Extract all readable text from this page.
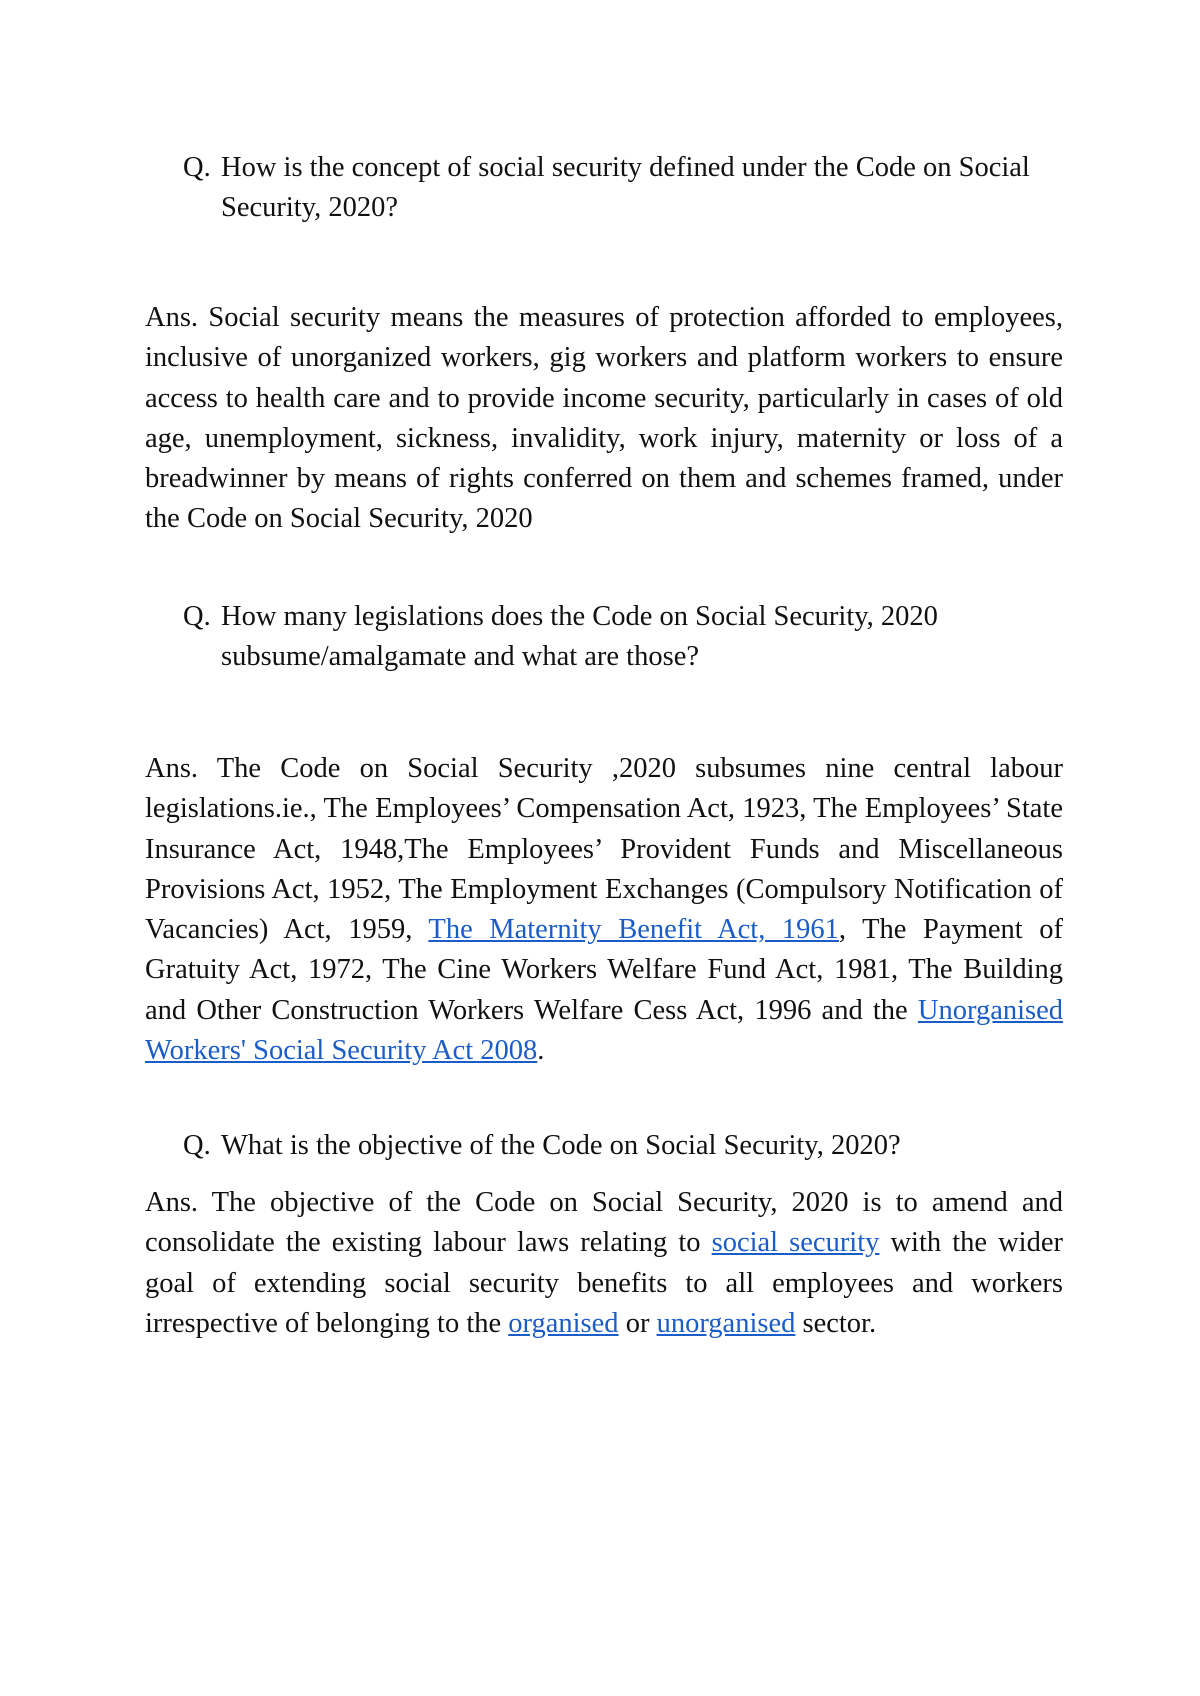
Q. How is the concept of social security defined under the Code on Social Security, 2020?

Ans. Social security means the measures of protection afforded to employees, inclusive of unorganized workers, gig workers and platform workers to ensure access to health care and to provide income security, particularly in cases of old age, unemployment, sickness, invalidity, work injury, maternity or loss of a breadwinner by means of rights conferred on them and schemes framed, under the Code on Social Security, 2020

Q. How many legislations does the Code on Social Security, 2020 subsume/amalgamate and what are those?

Ans. The Code on Social Security ,2020 subsumes nine central labour legislations.ie., The Employees’ Compensation Act, 1923, The Employees’ State Insurance Act, 1948,The Employees’ Provident Funds and Miscellaneous Provisions Act, 1952, The Employment Exchanges (Compulsory Notification of Vacancies) Act, 1959, The Maternity Benefit Act, 1961, The Payment of Gratuity Act, 1972, The Cine Workers Welfare Fund Act, 1981, The Building and Other Construction Workers Welfare Cess Act, 1996 and the Unorganised Workers' Social Security Act 2008.

Q. What is the objective of the Code on Social Security, 2020?

Ans. The objective of the Code on Social Security, 2020 is to amend and consolidate the existing labour laws relating to social security with the wider goal of extending social security benefits to all employees and workers irrespective of belonging to the organised or unorganised sector.
